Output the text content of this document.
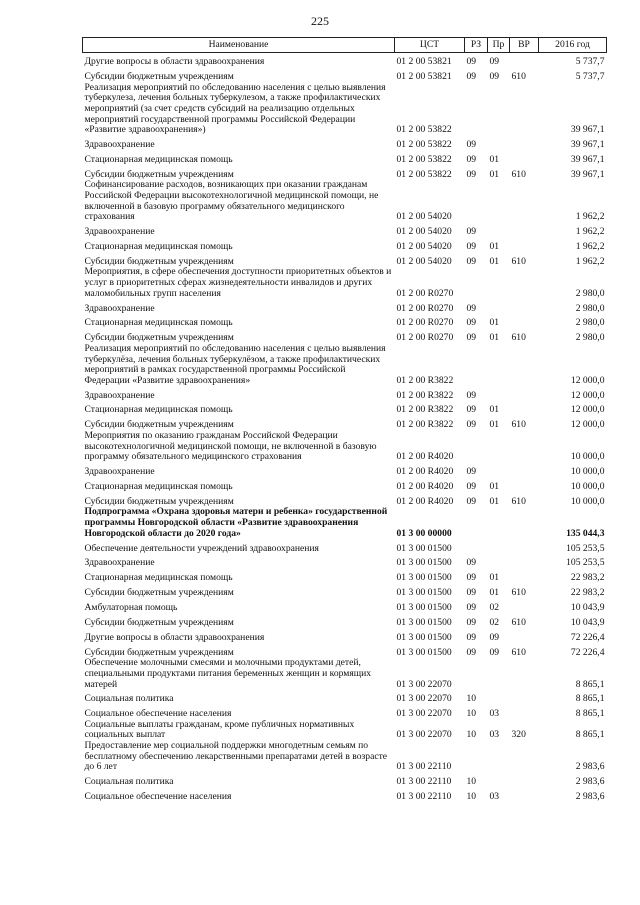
225
Наименование	ЦСТ	РЗ	Пр	ВР	2016 год
Другие вопросы в области здравоохранения	01 2 00 53821	09	09		5 737,7
Субсидии бюджетным учреждениям	01 2 00 53821	09	09	610	5 737,7
Реализация мероприятий по обследованию населения с целью выявления туберкулеза, лечения больных туберкулезом, а также профилактических мероприятий (за счет средств субсидий на реализацию отдельных мероприятий государственной программы Российской Федерации «Развитие здравоохранения»)	01 2 00 53822				39 967,1
Здравоохранение	01 2 00 53822	09			39 967,1
Стационарная медицинская помощь	01 2 00 53822	09	01		39 967,1
Субсидии бюджетным учреждениям	01 2 00 53822	09	01	610	39 967,1
Софинансирование расходов, возникающих при оказании гражданам Российской Федерации высокотехнологичной медицинской помощи, не включенной в базовую программу обязательного медицинского страхования	01 2 00 54020				1 962,2
Здравоохранение	01 2 00 54020	09			1 962,2
Стационарная медицинская помощь	01 2 00 54020	09	01		1 962,2
Субсидии бюджетным учреждениям	01 2 00 54020	09	01	610	1 962,2
Мероприятия, в сфере обеспечения доступности приоритетных объектов и услуг в приоритетных сферах жизнедеятельности инвалидов и других маломобильных групп населения	01 2 00 R0270				2 980,0
Здравоохранение	01 2 00 R0270	09			2 980,0
Стационарная медицинская помощь	01 2 00 R0270	09	01		2 980,0
Субсидии бюджетным учреждениям	01 2 00 R0270	09	01	610	2 980,0
Реализация мероприятий по обследованию населения с целью выявления туберкулёза, лечения больных туберкулёзом, а также профилактических мероприятий в рамках государственной программы Российской Федерации «Развитие здравоохранения»	01 2 00 R3822				12 000,0
Здравоохранение	01 2 00 R3822	09			12 000,0
Стационарная медицинская помощь	01 2 00 R3822	09	01		12 000,0
Субсидии бюджетным учреждениям	01 2 00 R3822	09	01	610	12 000,0
Мероприятия по оказанию гражданам Российской Федерации высокотехнологичной медицинской помощи, не включенной в базовую программу обязательного медицинского страхования	01 2 00 R4020				10 000,0
Здравоохранение	01 2 00 R4020	09			10 000,0
Стационарная медицинская помощь	01 2 00 R4020	09	01		10 000,0
Субсидии бюджетным учреждениям	01 2 00 R4020	09	01	610	10 000,0
Подпрограмма «Охрана здоровья матери и ребенка» государственной программы Новгородской области «Развитие здравоохранения Новгородской области до 2020 года»	01 3 00 00000				135 044,3
Обеспечение деятельности учреждений здравоохранения	01 3 00 01500				105 253,5
Здравоохранение	01 3 00 01500	09			105 253,5
Стационарная медицинская помощь	01 3 00 01500	09	01		22 983,2
Субсидии бюджетным учреждениям	01 3 00 01500	09	01	610	22 983,2
Амбулаторная помощь	01 3 00 01500	09	02		10 043,9
Субсидии бюджетным учреждениям	01 3 00 01500	09	02	610	10 043,9
Другие вопросы в области здравоохранения	01 3 00 01500	09	09		72 226,4
Субсидии бюджетным учреждениям	01 3 00 01500	09	09	610	72 226,4
Обеспечение молочными смесями и молочными продуктами детей, специальными продуктами питания беременных женщин и кормящих матерей	01 3 00 22070				8 865,1
Социальная политика	01 3 00 22070	10			8 865,1
Социальное обеспечение населения	01 3 00 22070	10	03		8 865,1
Социальные выплаты гражданам, кроме публичных нормативных социальных выплат	01 3 00 22070	10	03	320	8 865,1
Предоставление мер социальной поддержки многодетным семьям по бесплатному обеспечению лекарственными препаратами детей в возрасте до 6 лет	01 3 00 22110				2 983,6
Социальная политика	01 3 00 22110	10			2 983,6
Социальное обеспечение населения	01 3 00 22110	10	03		2 983,6
